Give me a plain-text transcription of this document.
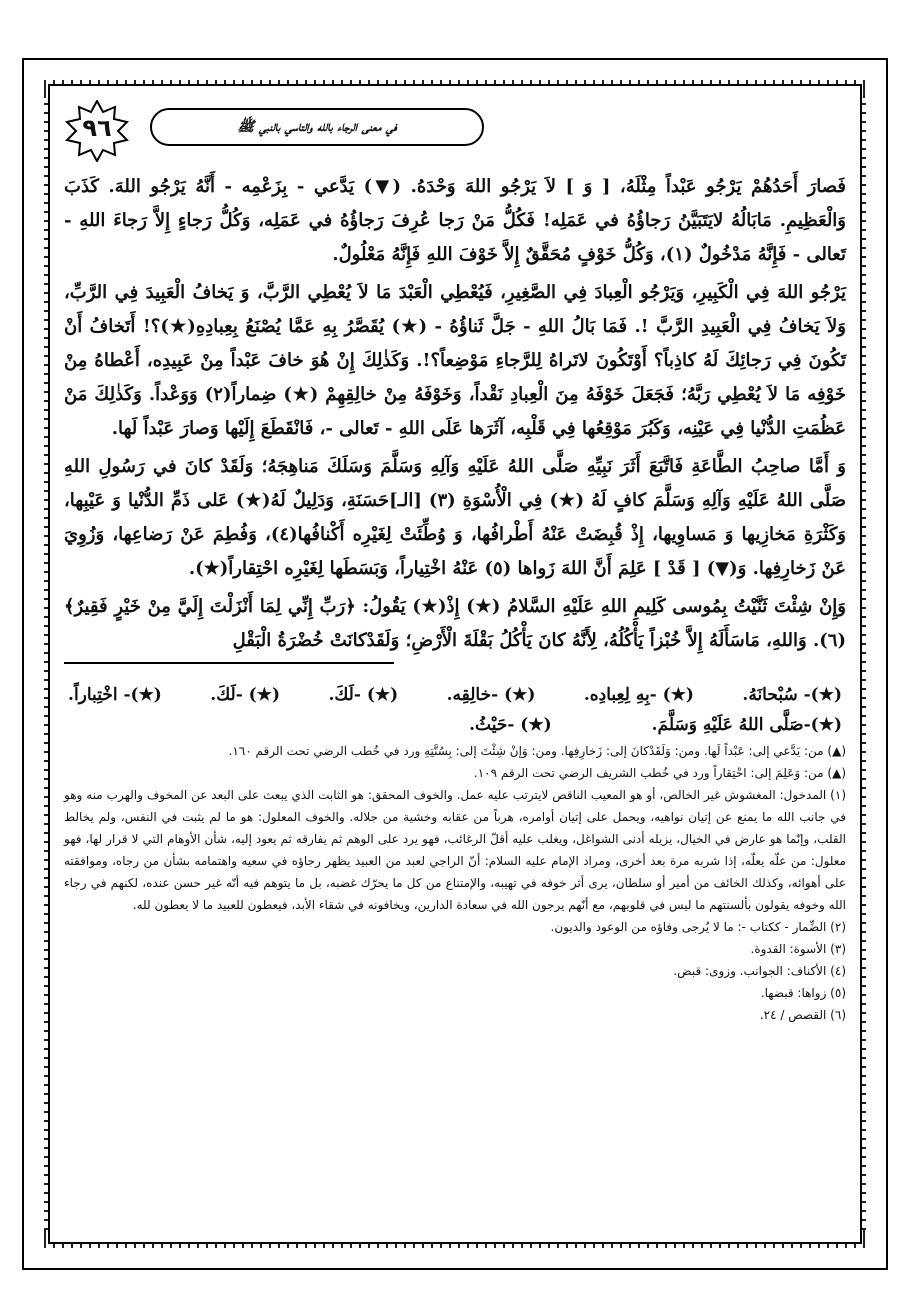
٩٦	في معنى الرجاء بالله والتاسي بالنبي ﷺ

فَصارَ أَحَدُهُمْ يَرْجُو عَبْداً مِثْلَهُ، [ وَ ] لاَ يَرْجُو اللهَ وَحْدَهُ. (▼) يَدَّعي - بِزَعْمِه - أَنَّهُ يَرْجُو اللهَ. كَذَبَ وَالْعَظِيمِ. مَابَالُهُ لايَتَبَيَّنُ رَجاؤُهُ في عَمَلِه! فَكُلُّ مَنْ رَجا عُرِفَ رَجاؤُهُ في عَمَلِه، وَكُلُّ رَجاءٍ إِلاَّ رَجاءَ اللهِ - تَعالى - فَإِنَّهُ مَدْخُولٌ (١)، وَكُلُّ خَوْفٍ مُحَقَّقٌ إِلاَّ خَوْفَ اللهِ فَإِنَّهُ مَعْلُولٌ.

يَرْجُو اللهَ فِي الْكَبِيرِ، وَيَرْجُو الْعِبادَ فِي الصَّغِيرِ، فَيُعْطِي الْعَبْدَ مَا لاَ يُعْطِي الرَّبَّ، وَ يَخافُ الْعَبِيدَ فِي الرَّبِّ، وَلاَ يَخافُ فِي الْعَبِيدِ الرَّبَّ !. فَمَا بَالُ اللهِ - جَلَّ ثَناؤُهُ - (★) يُقَصَّرُ بِهِ عَمَّا يُصْنَعُ بِعِبادِهِ(★)؟! أَتَخافُ أَنْ تَكُونَ فِي رَجائِكَ لَهُ كاذِباً؟ أَوْتَكُونَ لاتَراهُ لِلرَّجاءِ مَوْضِعاً؟!. وَكَذٰلِكَ إِنْ هُوَ خافَ عَبْداً مِنْ عَبِيدِه، أَعْطاهُ مِنْ خَوْفِه مَا لاَ يُعْطِي رَبَّهُ؛ فَجَعَلَ خَوْفَهُ مِنَ الْعِبادِ نَقْداً، وَخَوْفَهُ مِنْ خالِقِهِمْ (★) ضِماراً(٢) وَوَعْداً. وَكَذٰلِكَ مَنْ عَظُمَتِ الدُّنْيا فِي عَيْنِه، وَكَبُرَ مَوْقِعُها فِي قَلْبِه، آثَرَها عَلَى اللهِ - تَعالى -، فَانْقَطَعَ إِلَيْها وَصارَ عَبْداً لَها.

وَ أَمَّا صاحِبُ الطَّاعَةِ فَاتَّبَعَ أَثَرَ نَبِيِّهِ صَلَّى اللهُ عَلَيْهِ وَآلِهِ وَسَلَّمَ وَسَلَكَ مَناهِجَهُ؛ وَلَقَدْ كانَ في رَسُولِ اللهِ صَلَّى اللهُ عَلَيْهِ وَآلِهِ وَسَلَّمَ كافٍ لَهُ (★) فِي الْأُسْوَةِ (٣) [الـ]حَسَنَةِ، وَدَلِيلٌ لَهُ(★) عَلى ذَمِّ الدُّنْيا وَ عَيْبِها، وَكَثْرَةِ مَخازِيها وَ مَساوِيها، إِذْ قُبِضَتْ عَنْهُ أَطْرافُها، وَ وُطِّئَتْ لِغَيْرِه أَكْنافُها(٤)، وَفُطِمَ عَنْ رَضاعِها، وَزُوِيَ عَنْ زَخارِفِها. وَ(▼) [ قَدْ ] عَلِمَ أَنَّ اللهَ زَواها (٥) عَنْهُ اخْتِياراً، وَبَسَطَها لِغَيْرِه احْتِقاراً(★).

وَإِنْ شِئْتَ ثَنَّيْتُ بِمُوسى كَلِيمِ اللهِ عَلَيْهِ السَّلامُ (★) إِذْ(★) يَقُولُ: ﴿رَبِّ إِنِّي لِمَا أَنْزَلْتَ إِلَيَّ مِنْ خَيْرٍ فَقِيرٌ﴾(٦). وَاللهِ، مَاسَأَلَهُ إِلاَّ خُبْزاً يَأْكُلُهُ، لِأَنَّهُ كانَ يَأْكُلُ بَقْلَةَ الْأَرْضِ؛ وَلَقَدْكانَتْ خُضْرَةُ الْبَقْلِ

(★)- سُبْحانَهُ.
(★) -بِهِ لِعِبادِه.
(★) -خالِقِه.
(★) -لَكَ.
(★) -لَكَ.
(★)- اخْتِباراً.
(★)-صَلَّى اللهُ عَلَيْهِ وَسَلَّمَ.
(★) -حَيْثُ.

(▲) من: يَدَّعي إلى: عَبْداً لَها. ومن: وَلَقَدْكانَ إلى: زَخارِفِها. ومن: وَإنْ شِئْتَ إلى: بِسُنَّتِهِ ورد في خُطب الرضي تحت الرقم ١٦٠.

(▲) من: وَعَلِمَ إلى: احْتِقاراً ورد في خُطب الشريف الرضي تحت الرقم ١٠٩.

(١) المدخول: المغشوش غير الخالص، أو هو المعيب الناقص لايترتب عليه عمل. والخوف المحقق: هو الثابت الذي يبعث على البعد عن المخوف والهرب منه وهو في جانب الله ما يمنع عن إتيان نواهيه، ويحمل على إتيان أوامره، هرباً من عقابه وخشية من جلاله. والخوف المعلول: هو ما لم يثبت في النفس، ولم يخالط القلب، وإنّما هو عارض في الخيال، يزيله أدنى الشواغل، ويغلب عليه أقلّ الرغائب، فهو يرد على الوهم ثم يفارقه ثم يعود إليه، شأن الأوهام التي لا قرار لها، فهو معلول: من علّه يعلّه، إذا شربه مرة بعد أخرى، ومراد الإمام عليه السلام: أنّ الراجي لعبد من العبيد يظهر رجاؤه في سعيه واهتمامه بشأن من رجاه، وموافقته على أهوائه، وكذلك الخائف من أمير أو سلطان، يرى أثر خوفه في تهيبه، والإمتناع من كل ما يحرّك غضبه، بل ما يتوهم فيه أنّه غير حسن عنده، لكنهم في رجاء الله وخوفه يقولون بألسنتهم ما ليس في قلوبهم، مع أنّهم يرجون الله في سعادة الدارين، ويخافونه في شقاء الأبد، فيعطون للعبيد ما لا يعطون لله.

(٢) الضِّمار - ككتاب -: ما لا يُرجى وفاؤه من الوعود والديون.

(٣) الأسوة: القدوة.

(٤) الأكناف: الجوانب. وزوى: قبض.

(٥) زواها: قبضها.

(٦) القصص / ٢٤.
